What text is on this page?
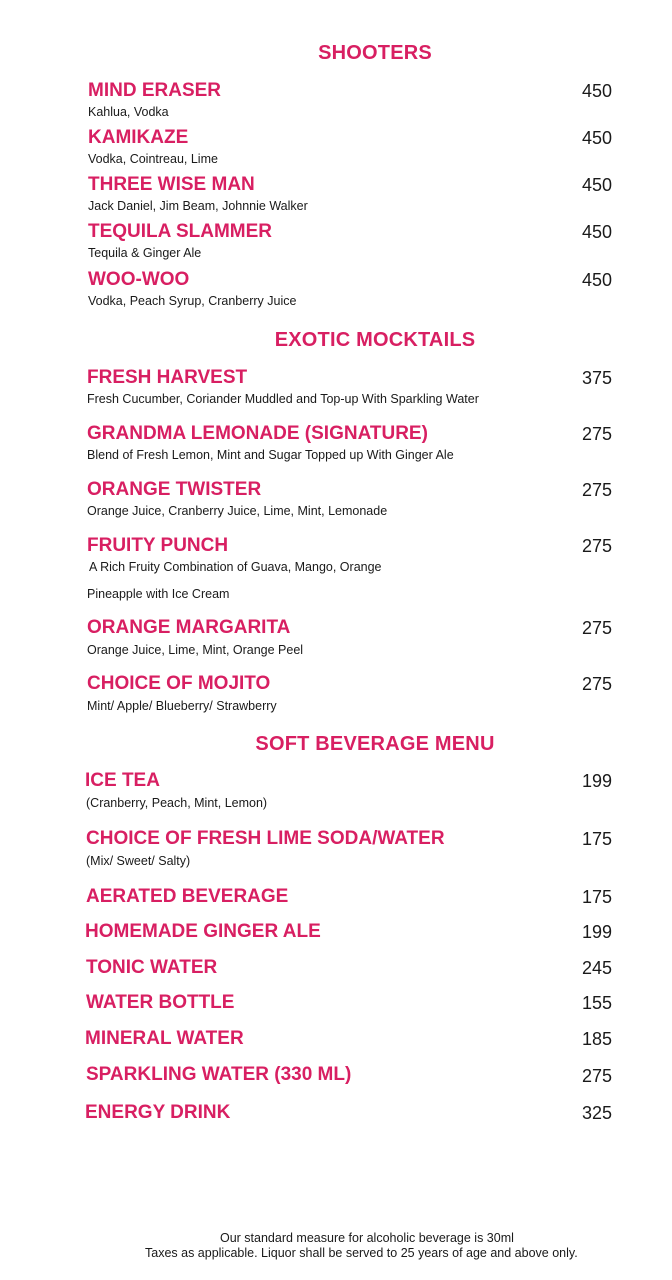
SHOOTERS
MIND ERASER	450
Kahlua, Vodka
KAMIKAZE	450
Vodka, Cointreau, Lime
THREE WISE MAN	450
Jack Daniel, Jim Beam, Johnnie Walker
TEQUILA SLAMMER	450
Tequila & Ginger Ale
WOO-WOO	450
Vodka, Peach Syrup, Cranberry Juice
EXOTIC MOCKTAILS
FRESH HARVEST	375
Fresh Cucumber, Coriander Muddled and Top-up With Sparkling Water
GRANDMA LEMONADE (SIGNATURE)	275
Blend of Fresh Lemon, Mint and Sugar Topped up With Ginger Ale
ORANGE TWISTER	275
Orange Juice, Cranberry Juice, Lime, Mint, Lemonade
FRUITY PUNCH	275
A Rich Fruity Combination of Guava, Mango, Orange
Pineapple with Ice Cream
ORANGE MARGARITA	275
Orange Juice, Lime, Mint, Orange Peel
CHOICE OF MOJITO	275
Mint/ Apple/ Blueberry/ Strawberry
SOFT BEVERAGE MENU
ICE TEA	199
(Cranberry, Peach, Mint, Lemon)
CHOICE OF FRESH LIME SODA/WATER	175
(Mix/ Sweet/ Salty)
AERATED BEVERAGE	175
HOMEMADE GINGER ALE	199
TONIC WATER	245
WATER BOTTLE	155
MINERAL WATER	185
SPARKLING WATER (330 ML)	275
ENERGY DRINK	325
Our standard measure for alcoholic beverage is 30ml
Taxes as applicable. Liquor shall be served to 25 years of age and above only.
